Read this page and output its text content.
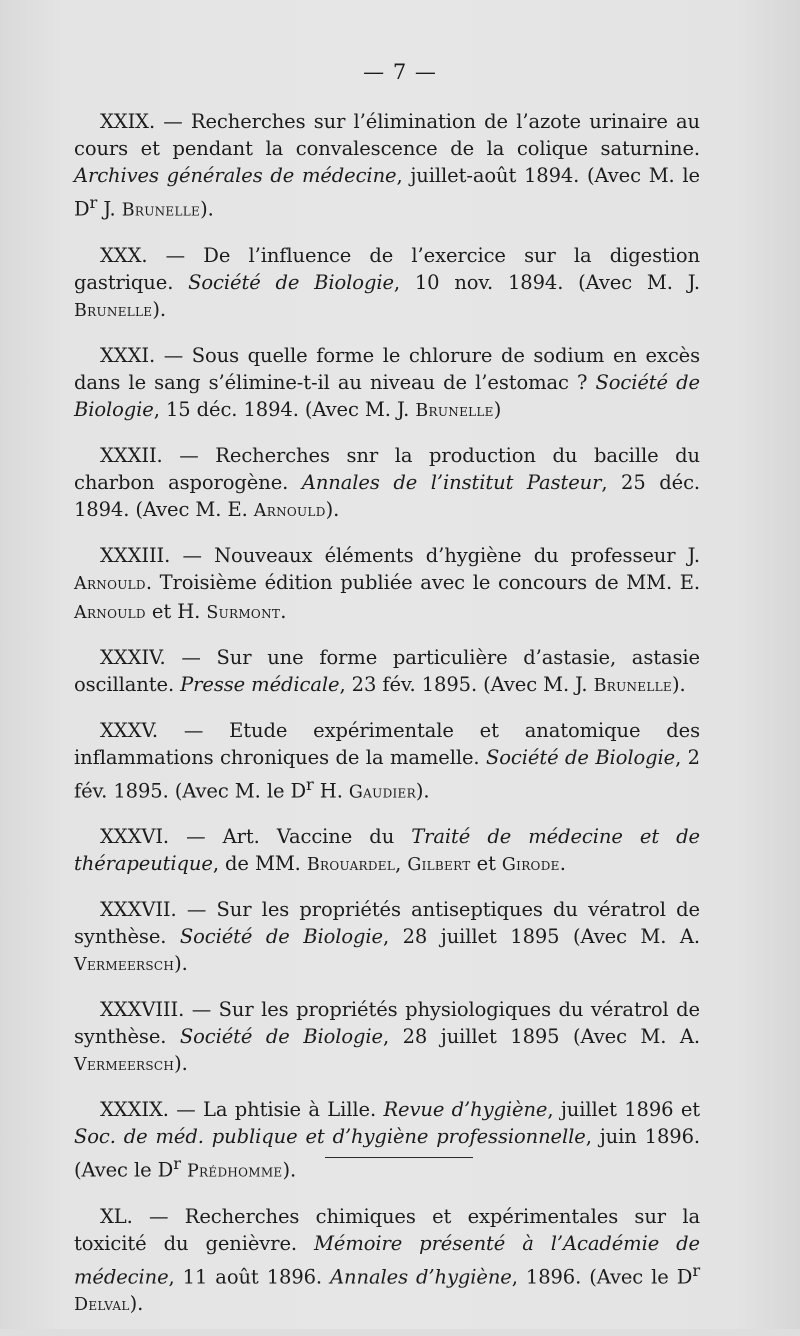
— 7 —

XXIX. — Recherches sur l’élimination de l’azote urinaire au cours et pendant la convalescence de la colique saturnine. Archives générales de médecine, juillet-août 1894. (Avec M. le $D^r$ J. Brunelle).

XXX. — De l’influence de l’exercice sur la digestion gastrique. Société de Biologie, 10 nov. 1894. (Avec M. J. Brunelle).

XXXI. — Sous quelle forme le chlorure de sodium en excès dans le sang s’élimine-t-il au niveau de l’estomac ? Société de Biologie, 15 déc. 1894. (Avec M. J. Brunelle)

XXXII. — Recherches snr la production du bacille du charbon asporogène. Annales de l’institut Pasteur, 25 déc. 1894. (Avec M. E. Arnould).

XXXIII. — Nouveaux éléments d’hygiène du professeur J. Arnould. Troisième édition publiée avec le concours de MM. E. Arnould et H. Surmont.

XXXIV. — Sur une forme particulière d’astasie, astasie oscillante. Presse médicale, 23 fév. 1895. (Avec M. J. Brunelle).

XXXV. — Etude expérimentale et anatomique des inflammations chroniques de la mamelle. Société de Biologie, 2 fév. 1895. (Avec M. le $D^r$ H. Gaudier).

XXXVI. — Art. Vaccine du Traité de médecine et de thérapeutique, de MM. Brouardel, Gilbert et Girode.

XXXVII. — Sur les propriétés antiseptiques du vératrol de synthèse. Société de Biologie, 28 juillet 1895 (Avec M. A. Vermeersch).

XXXVIII. — Sur les propriétés physiologiques du vératrol de synthèse. Société de Biologie, 28 juillet 1895 (Avec M. A. Vermeersch).

XXXIX. — La phtisie à Lille. Revue d’hygiène, juillet 1896 et Soc. de méd. publique et d’hygiène professionnelle, juin 1896. (Avec le $D^r$ Prédhomme).

XL. — Recherches chimiques et expérimentales sur la toxicité du genièvre. Mémoire présenté à l’Académie de médecine, 11 août 1896. Annales d’hygiène, 1896. (Avec le $D^r$ Delval).
